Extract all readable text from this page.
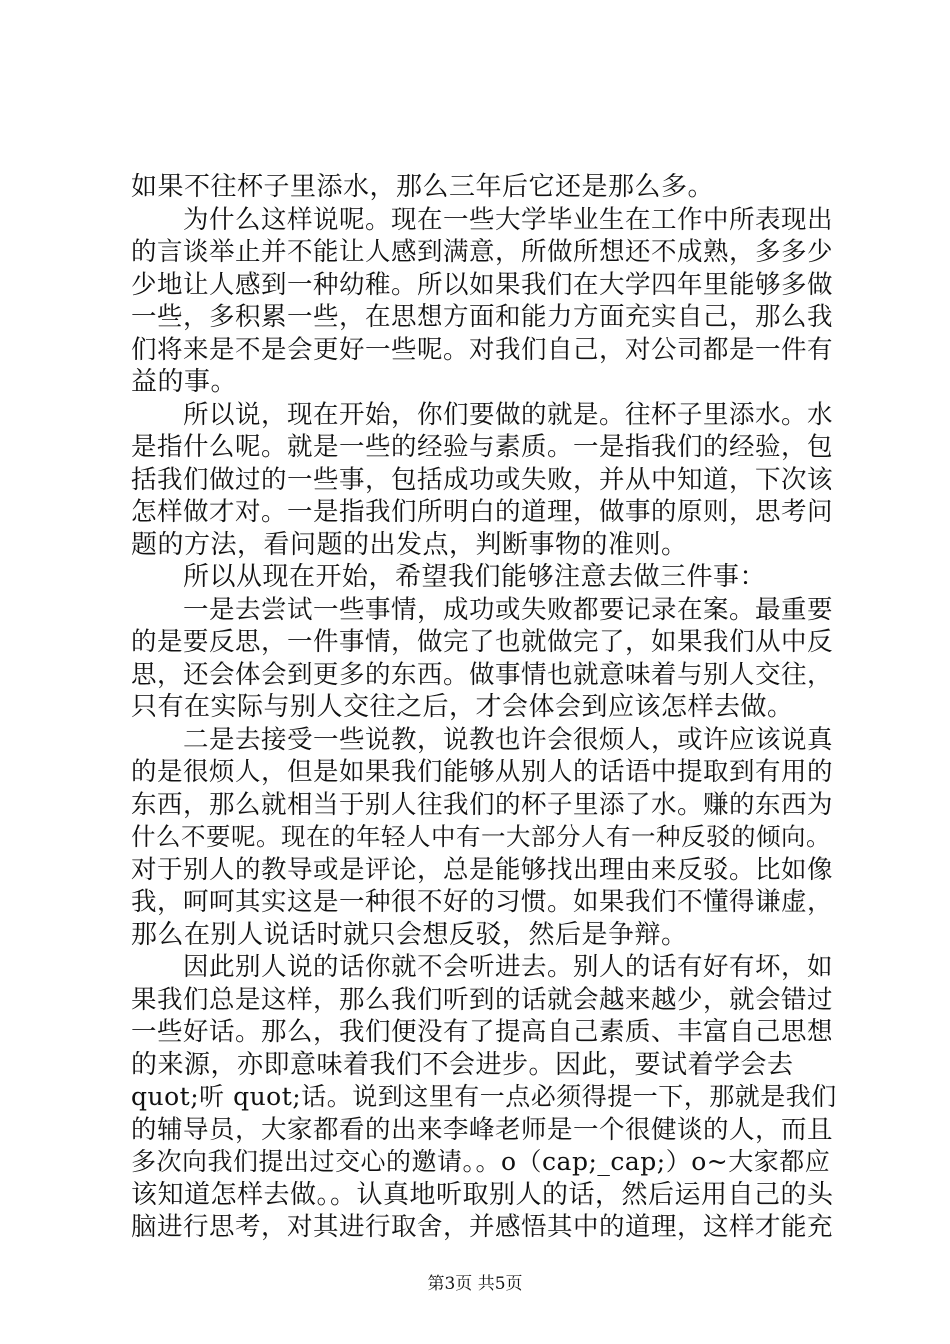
如果不往杯子里添水，那么三年后它还是那么多。
为什么这样说呢。现在一些大学毕业生在工作中所表现出
的言谈举止并不能让人感到满意，所做所想还不成熟，多多少
少地让人感到一种幼稚。所以如果我们在大学四年里能够多做
一些，多积累一些，在思想方面和能力方面充实自己，那么我
们将来是不是会更好一些呢。对我们自己，对公司都是一件有
益的事。
所以说，现在开始，你们要做的就是。往杯子里添水。水
是指什么呢。就是一些的经验与素质。一是指我们的经验，包
括我们做过的一些事，包括成功或失败，并从中知道，下次该
怎样做才对。一是指我们所明白的道理，做事的原则，思考问
题的方法，看问题的出发点，判断事物的准则。
所以从现在开始，希望我们能够注意去做三件事：
一是去尝试一些事情，成功或失败都要记录在案。最重要
的是要反思，一件事情，做完了也就做完了，如果我们从中反
思，还会体会到更多的东西。做事情也就意味着与别人交往，
只有在实际与别人交往之后，才会体会到应该怎样去做。
二是去接受一些说教，说教也许会很烦人，或许应该说真
的是很烦人，但是如果我们能够从别人的话语中提取到有用的
东西，那么就相当于别人往我们的杯子里添了水。赚的东西为
什么不要呢。现在的年轻人中有一大部分人有一种反驳的倾向。
对于别人的教导或是评论，总是能够找出理由来反驳。比如像
我，呵呵其实这是一种很不好的习惯。如果我们不懂得谦虚，
那么在别人说话时就只会想反驳，然后是争辩。
因此别人说的话你就不会听进去。别人的话有好有坏，如
果我们总是这样，那么我们听到的话就会越来越少，就会错过
一些好话。那么，我们便没有了提高自己素质、丰富自己思想
的来源，亦即意味着我们不会进步。因此，要试着学会去
quot;听 quot;话。说到这里有一点必须得提一下，那就是我们
的辅导员，大家都看的出来李峰老师是一个很健谈的人，而且
多次向我们提出过交心的邀请。。o（cap;_cap;）o~大家都应
该知道怎样去做。。认真地听取别人的话，然后运用自己的头
脑进行思考，对其进行取舍，并感悟其中的道理，这样才能充
第3页 共5页
